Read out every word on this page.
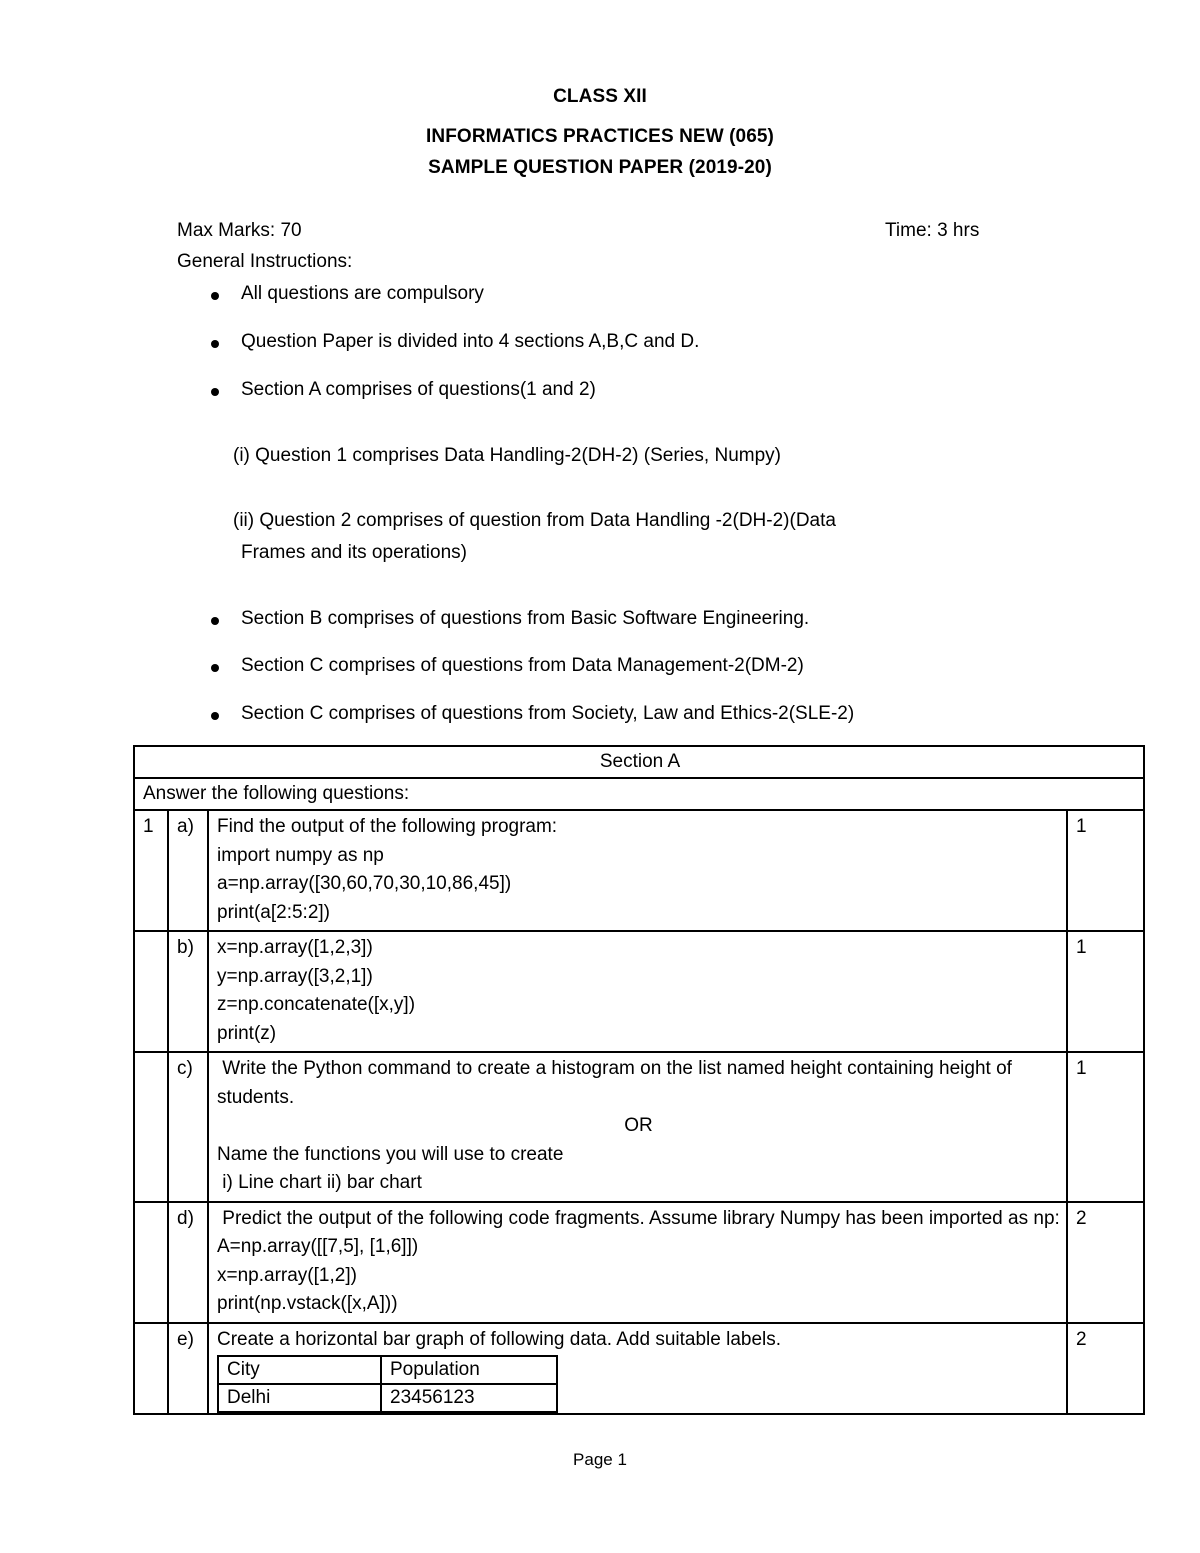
CLASS XII
INFORMATICS PRACTICES NEW (065)
SAMPLE QUESTION PAPER (2019-20)
Max Marks: 70	Time: 3 hrs
General Instructions:
All questions are compulsory
Question Paper is divided into 4 sections A,B,C and D.
Section A comprises of questions(1 and 2)
Section B comprises of questions from Basic Software Engineering.
Section C comprises of questions from Data Management-2(DM-2)
Section C comprises of questions from Society, Law and Ethics-2(SLE-2)
(i) Question 1 comprises Data Handling-2(DH-2) (Series, Numpy)
(ii) Question 2 comprises of question from Data Handling -2(DH-2)(Data
Frames and its operations)
Section A
Answer the following questions:
1	a)	Find the output of the following program:
import numpy as np
a=np.array([30,60,70,30,10,86,45])
print(a[2:5:2])
	1
	b)	x=np.array([1,2,3])
y=np.array([3,2,1])
z=np.concatenate([x,y])
print(z)
	1
	c)	Write the Python command to create a histogram on the list named height containing height of students.
OR
Name the functions you will use to create
i) Line chart ii) bar chart
	1
	d)	Predict the output of the following code fragments. Assume library Numpy has been imported as np:
A=np.array([[7,5], [1,6]])
x=np.array([1,2])
print(np.vstack([x,A]))
	2
	e)	Create a horizontal bar graph of following data. Add suitable labels.
City	Population
Delhi	23456123
	2
Page 1
